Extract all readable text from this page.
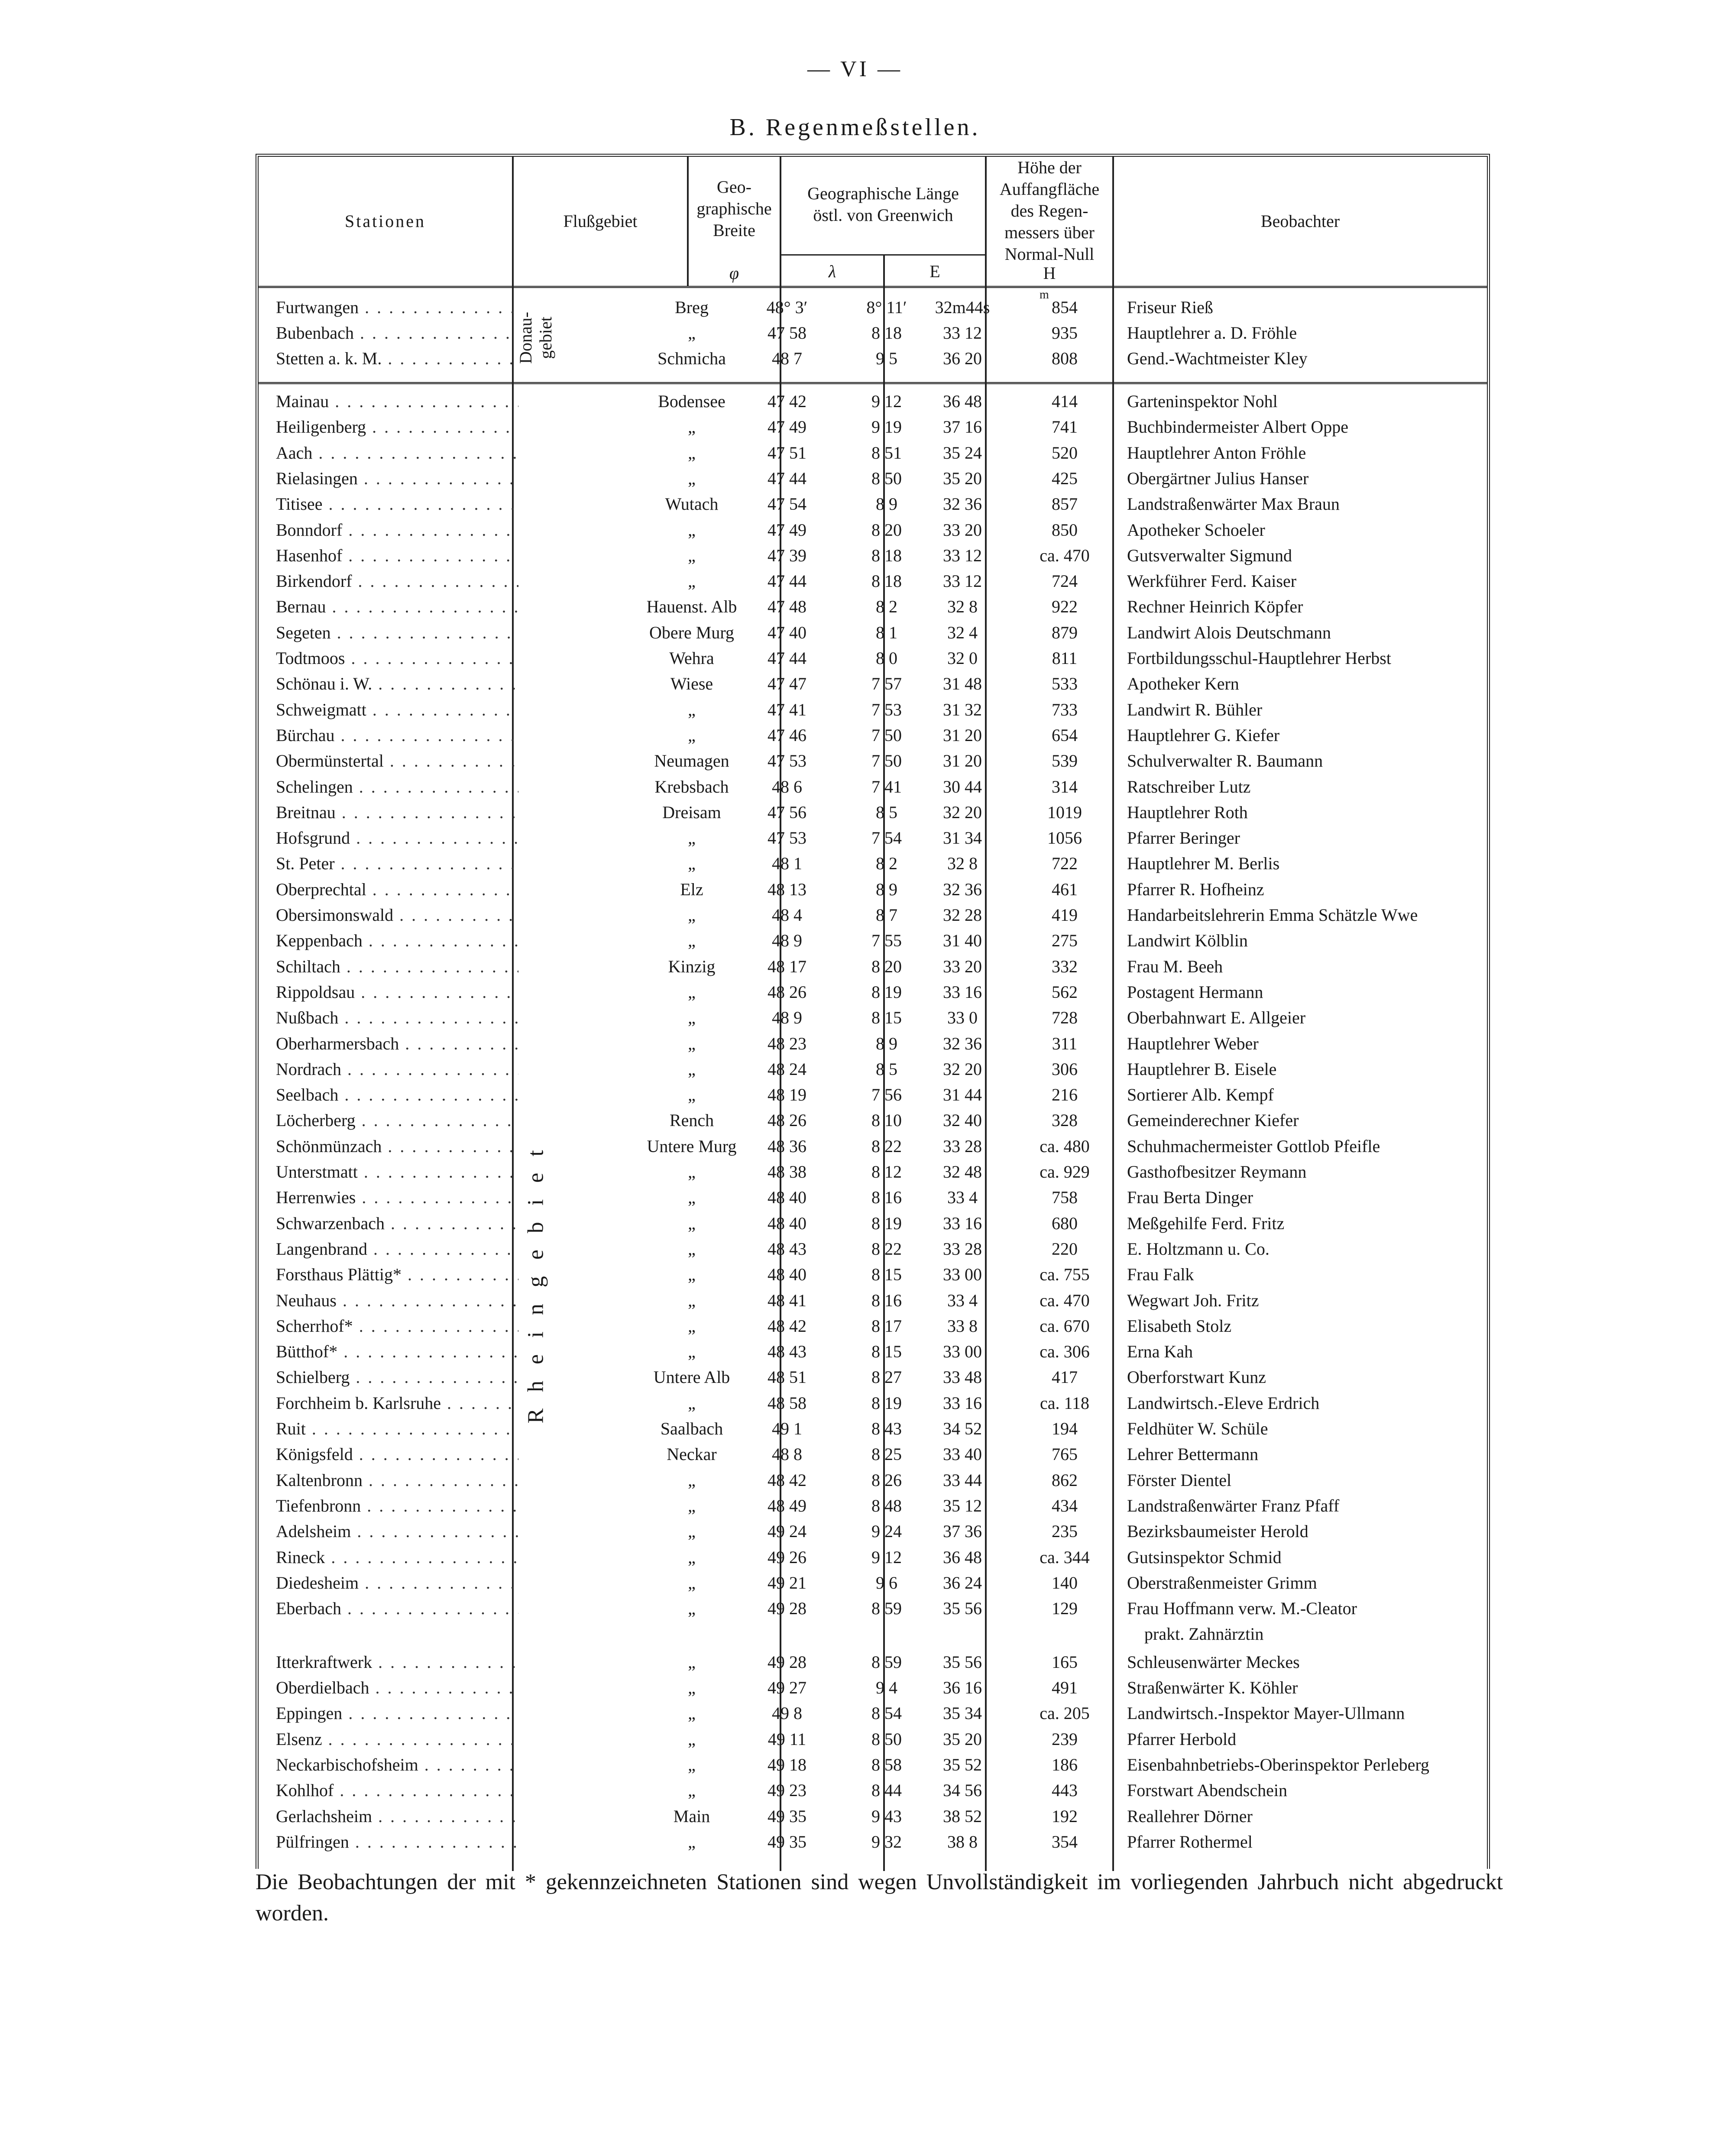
— VI —
B. Regenmeßstellen.
Stationen	Flußgebiet
Geo-
graphische
Breite
φ
Geographische Länge
östl. von Greenwich
λ	E
Höhe der
Auffangfläche
des Regen-
messers über
Normal-Null
H
Beobachter
m
Donau-
gebiet
Rheingebiet
Furtwangen . . .	Breg	48° 3′	8° 11′	32m44s	854	Friseur Rieß
Bubenbach . . .	„	47 58	8 18	33 12	935	Hauptlehrer a. D. Fröhle
Stetten a. k. M. . . .	Schmicha	48 7	9 5	36 20	808	Gend.-Wachtmeister Kley
Mainau . . .	Bodensee	47 42	9 12	36 48	414	Garteninspektor Nohl
Heiligenberg . . .	„	47 49	9 19	37 16	741	Buchbindermeister Albert Oppe
Aach . . .	„	47 51	8 51	35 24	520	Hauptlehrer Anton Fröhle
Rielasingen . . .	„	47 44	8 50	35 20	425	Obergärtner Julius Hanser
Titisee . . .	Wutach	47 54	8 9	32 36	857	Landstraßenwärter Max Braun
Bonndorf . . .	„	47 49	8 20	33 20	850	Apotheker Schoeler
Hasenhof . . .	„	47 39	8 18	33 12	ca. 470	Gutsverwalter Sigmund
Birkendorf . . .	„	47 44	8 18	33 12	724	Werkführer Ferd. Kaiser
Bernau . . .	Hauenst. Alb	47 48	8 2	32 8	922	Rechner Heinrich Köpfer
Segeten . . .	Obere Murg	47 40	8 1	32 4	879	Landwirt Alois Deutschmann
Todtmoos . . .	Wehra	47 44	8 0	32 0	811	Fortbildungsschul-Hauptlehrer Herbst
Schönau i. W. . . .	Wiese	47 47	7 57	31 48	533	Apotheker Kern
Schweigmatt . . .	„	47 41	7 53	31 32	733	Landwirt R. Bühler
Bürchau . . .	„	47 46	7 50	31 20	654	Hauptlehrer G. Kiefer
Obermünstertal . . .	Neumagen	47 53	7 50	31 20	539	Schulverwalter R. Baumann
Schelingen . . .	Krebsbach	48 6	7 41	30 44	314	Ratschreiber Lutz
Breitnau . . .	Dreisam	47 56	8 5	32 20	1019	Hauptlehrer Roth
Hofsgrund . . .	„	47 53	7 54	31 34	1056	Pfarrer Beringer
St. Peter . . .	„	48 1	8 2	32 8	722	Hauptlehrer M. Berlis
Oberprechtal . . .	Elz	48 13	8 9	32 36	461	Pfarrer R. Hofheinz
Obersimonswald . . .	„	48 4	8 7	32 28	419	Handarbeitslehrerin Emma Schätzle Wwe
Keppenbach . . .	„	48 9	7 55	31 40	275	Landwirt Kölblin
Schiltach . . .	Kinzig	48 17	8 20	33 20	332	Frau M. Beeh
Rippoldsau . . .	„	48 26	8 19	33 16	562	Postagent Hermann
Nußbach . . .	„	48 9	8 15	33 0	728	Oberbahnwart E. Allgeier
Oberharmersbach . . .	„	48 23	8 9	32 36	311	Hauptlehrer Weber
Nordrach . . .	„	48 24	8 5	32 20	306	Hauptlehrer B. Eisele
Seelbach . . .	„	48 19	7 56	31 44	216	Sortierer Alb. Kempf
Löcherberg . . .	Rench	48 26	8 10	32 40	328	Gemeinderechner Kiefer
Schönmünzach . . .	Untere Murg	48 36	8 22	33 28	ca. 480	Schuhmachermeister Gottlob Pfeifle
Unterstmatt . . .	„	48 38	8 12	32 48	ca. 929	Gasthofbesitzer Reymann
Herrenwies . . .	„	48 40	8 16	33 4	758	Frau Berta Dinger
Schwarzenbach . . .	„	48 40	8 19	33 16	680	Meßgehilfe Ferd. Fritz
Langenbrand . . .	„	48 43	8 22	33 28	220	E. Holtzmann u. Co.
Forsthaus Plättig* . . .	„	48 40	8 15	33 00	ca. 755	Frau Falk
Neuhaus . . .	„	48 41	8 16	33 4	ca. 470	Wegwart Joh. Fritz
Scherrhof* . . .	„	48 42	8 17	33 8	ca. 670	Elisabeth Stolz
Bütthof* . . .	„	48 43	8 15	33 00	ca. 306	Erna Kah
Schielberg . . .	Untere Alb	48 51	8 27	33 48	417	Oberforstwart Kunz
Forchheim b. Karlsruhe . . .	„	48 58	8 19	33 16	ca. 118	Landwirtsch.-Eleve Erdrich
Ruit . . .	Saalbach	49 1	8 43	34 52	194	Feldhüter W. Schüle
Königsfeld . . .	Neckar	48 8	8 25	33 40	765	Lehrer Bettermann
Kaltenbronn . . .	„	48 42	8 26	33 44	862	Förster Dientel
Tiefenbronn . . .	„	48 49	8 48	35 12	434	Landstraßenwärter Franz Pfaff
Adelsheim . . .	„	49 24	9 24	37 36	235	Bezirksbaumeister Herold
Rineck . . .	„	49 26	9 12	36 48	ca. 344	Gutsinspektor Schmid
Diedesheim . . .	„	49 21	9 6	36 24	140	Oberstraßenmeister Grimm
Eberbach . . .	„	49 28	8 59	35 56	129	Frau Hoffmann verw. M.-Cleator
prakt. Zahnärztin
Itterkraftwerk . . .	„	49 28	8 59	35 56	165	Schleusenwärter Meckes
Oberdielbach . . .	„	49 27	9 4	36 16	491	Straßenwärter K. Köhler
Eppingen . . .	„	49 8	8 54	35 34	ca. 205	Landwirtsch.-Inspektor Mayer-Ullmann
Elsenz . . .	„	49 11	8 50	35 20	239	Pfarrer Herbold
Neckarbischofsheim . . .	„	49 18	8 58	35 52	186	Eisenbahnbetriebs-Oberinspektor Perleberg
Kohlhof . . .	„	49 23	8 44	34 56	443	Forstwart Abendschein
Gerlachsheim . . .	Main	49 35	9 43	38 52	192	Reallehrer Dörner
Pülfringen . . .	„	49 35	9 32	38 8	354	Pfarrer Rothermel
Die Beobachtungen der mit * gekennzeichneten Stationen sind wegen Unvollständigkeit im vorliegenden Jahrbuch nicht abgedruckt worden.
